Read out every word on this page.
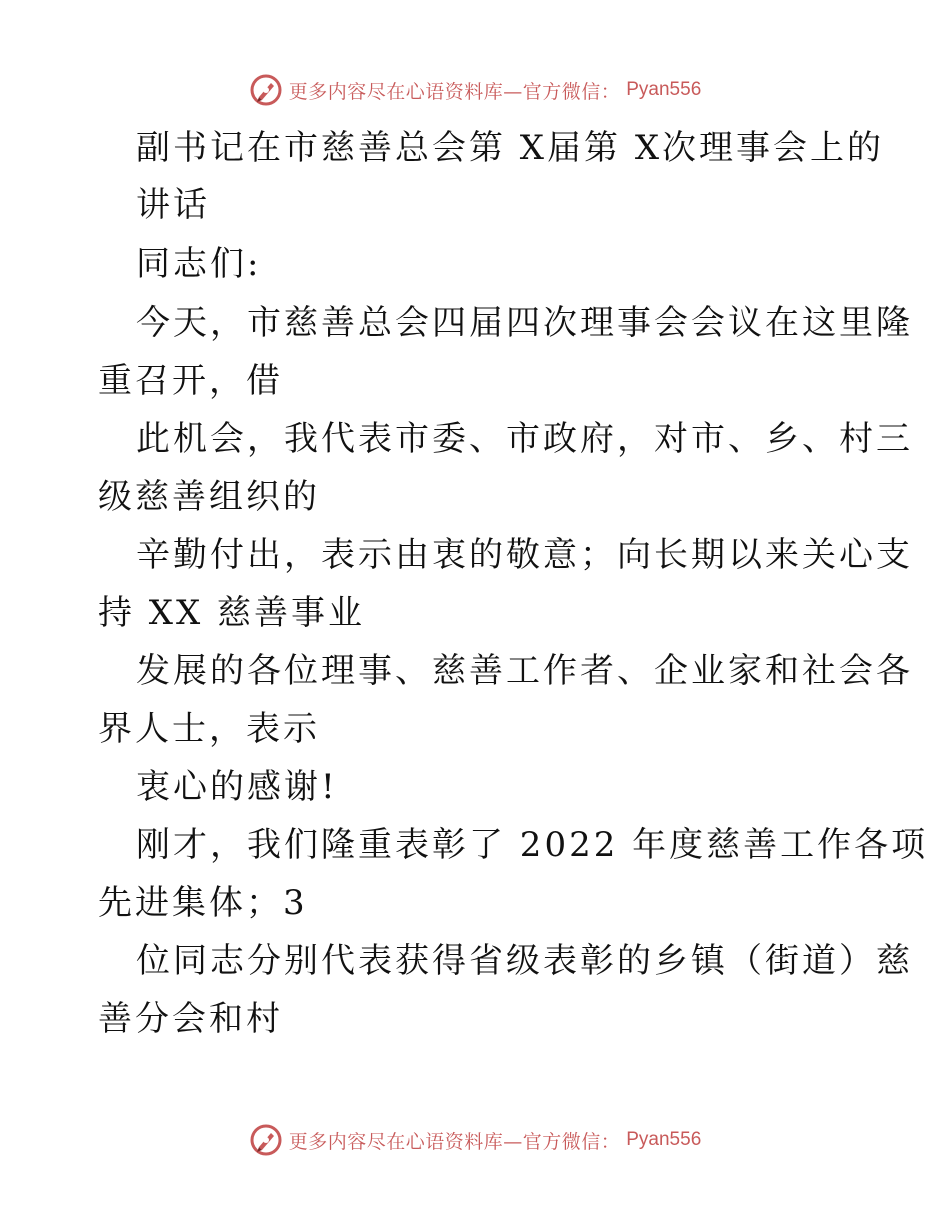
更多内容尽在心语资料库—官方微信： Pyan556
副书记在市慈善总会第 X届第 X次理事会上的
讲话
同志们:
今天，市慈善总会四届四次理事会会议在这里隆
重召开，借
此机会，我代表市委、市政府，对市、乡、村三
级慈善组织的
辛勤付出，表示由衷的敬意；向长期以来关心支
持 XX 慈善事业
发展的各位理事、慈善工作者、企业家和社会各
界人士，表示
衷心的感谢!
刚才，我们隆重表彰了 2022 年度慈善工作各项
先进集体；3
位同志分别代表获得省级表彰的乡镇（街道）慈
善分会和村
更多内容尽在心语资料库—官方微信： Pyan556
